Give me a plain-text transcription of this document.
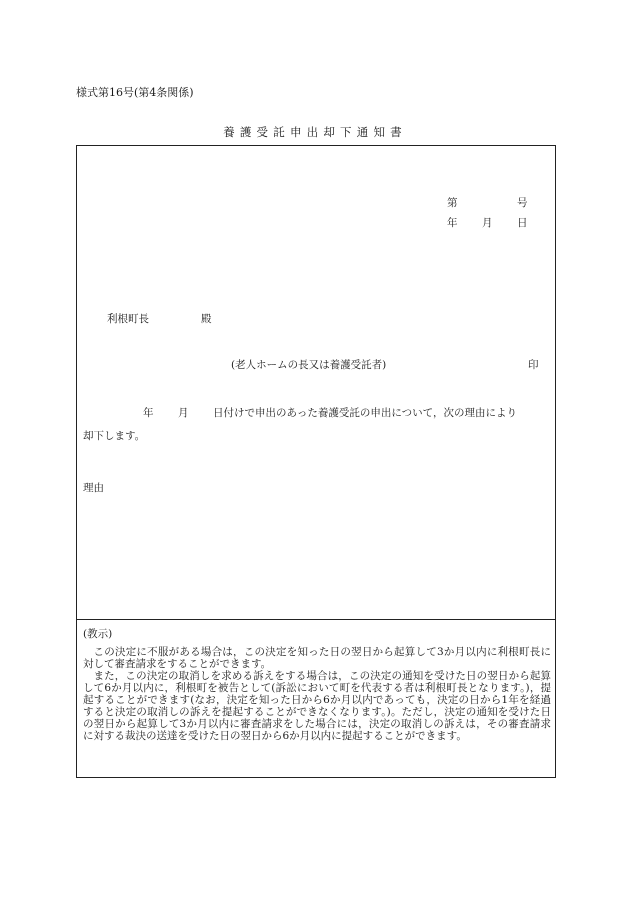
様式第16号(第4条関係)
養護受託申出却下通知書
第	号
年 月 日
利根町長	殿
(老人ホームの長又は養護受託者)	印
年 月 日付けで申出のあった養護受託の申出について，次の理由により
却下します。
理由

(教示)

この決定に不服がある場合は，この決定を知った日の翌日から起算して3か月以内に利根町長に対して審査請求をすることができます。

また，この決定の取消しを求める訴えをする場合は，この決定の通知を受けた日の翌日から起算して6か月以内に，利根町を被告として(訴訟において町を代表する者は利根町長となります。)，提起することができます(なお，決定を知った日から6か月以内であっても，決定の日から1年を経過すると決定の取消しの訴えを提起することができなくなります。)。ただし，決定の通知を受けた日の翌日から起算して3か月以内に審査請求をした場合には，決定の取消しの訴えは，その審査請求に対する裁決の送達を受けた日の翌日から6か月以内に提起することができます。
